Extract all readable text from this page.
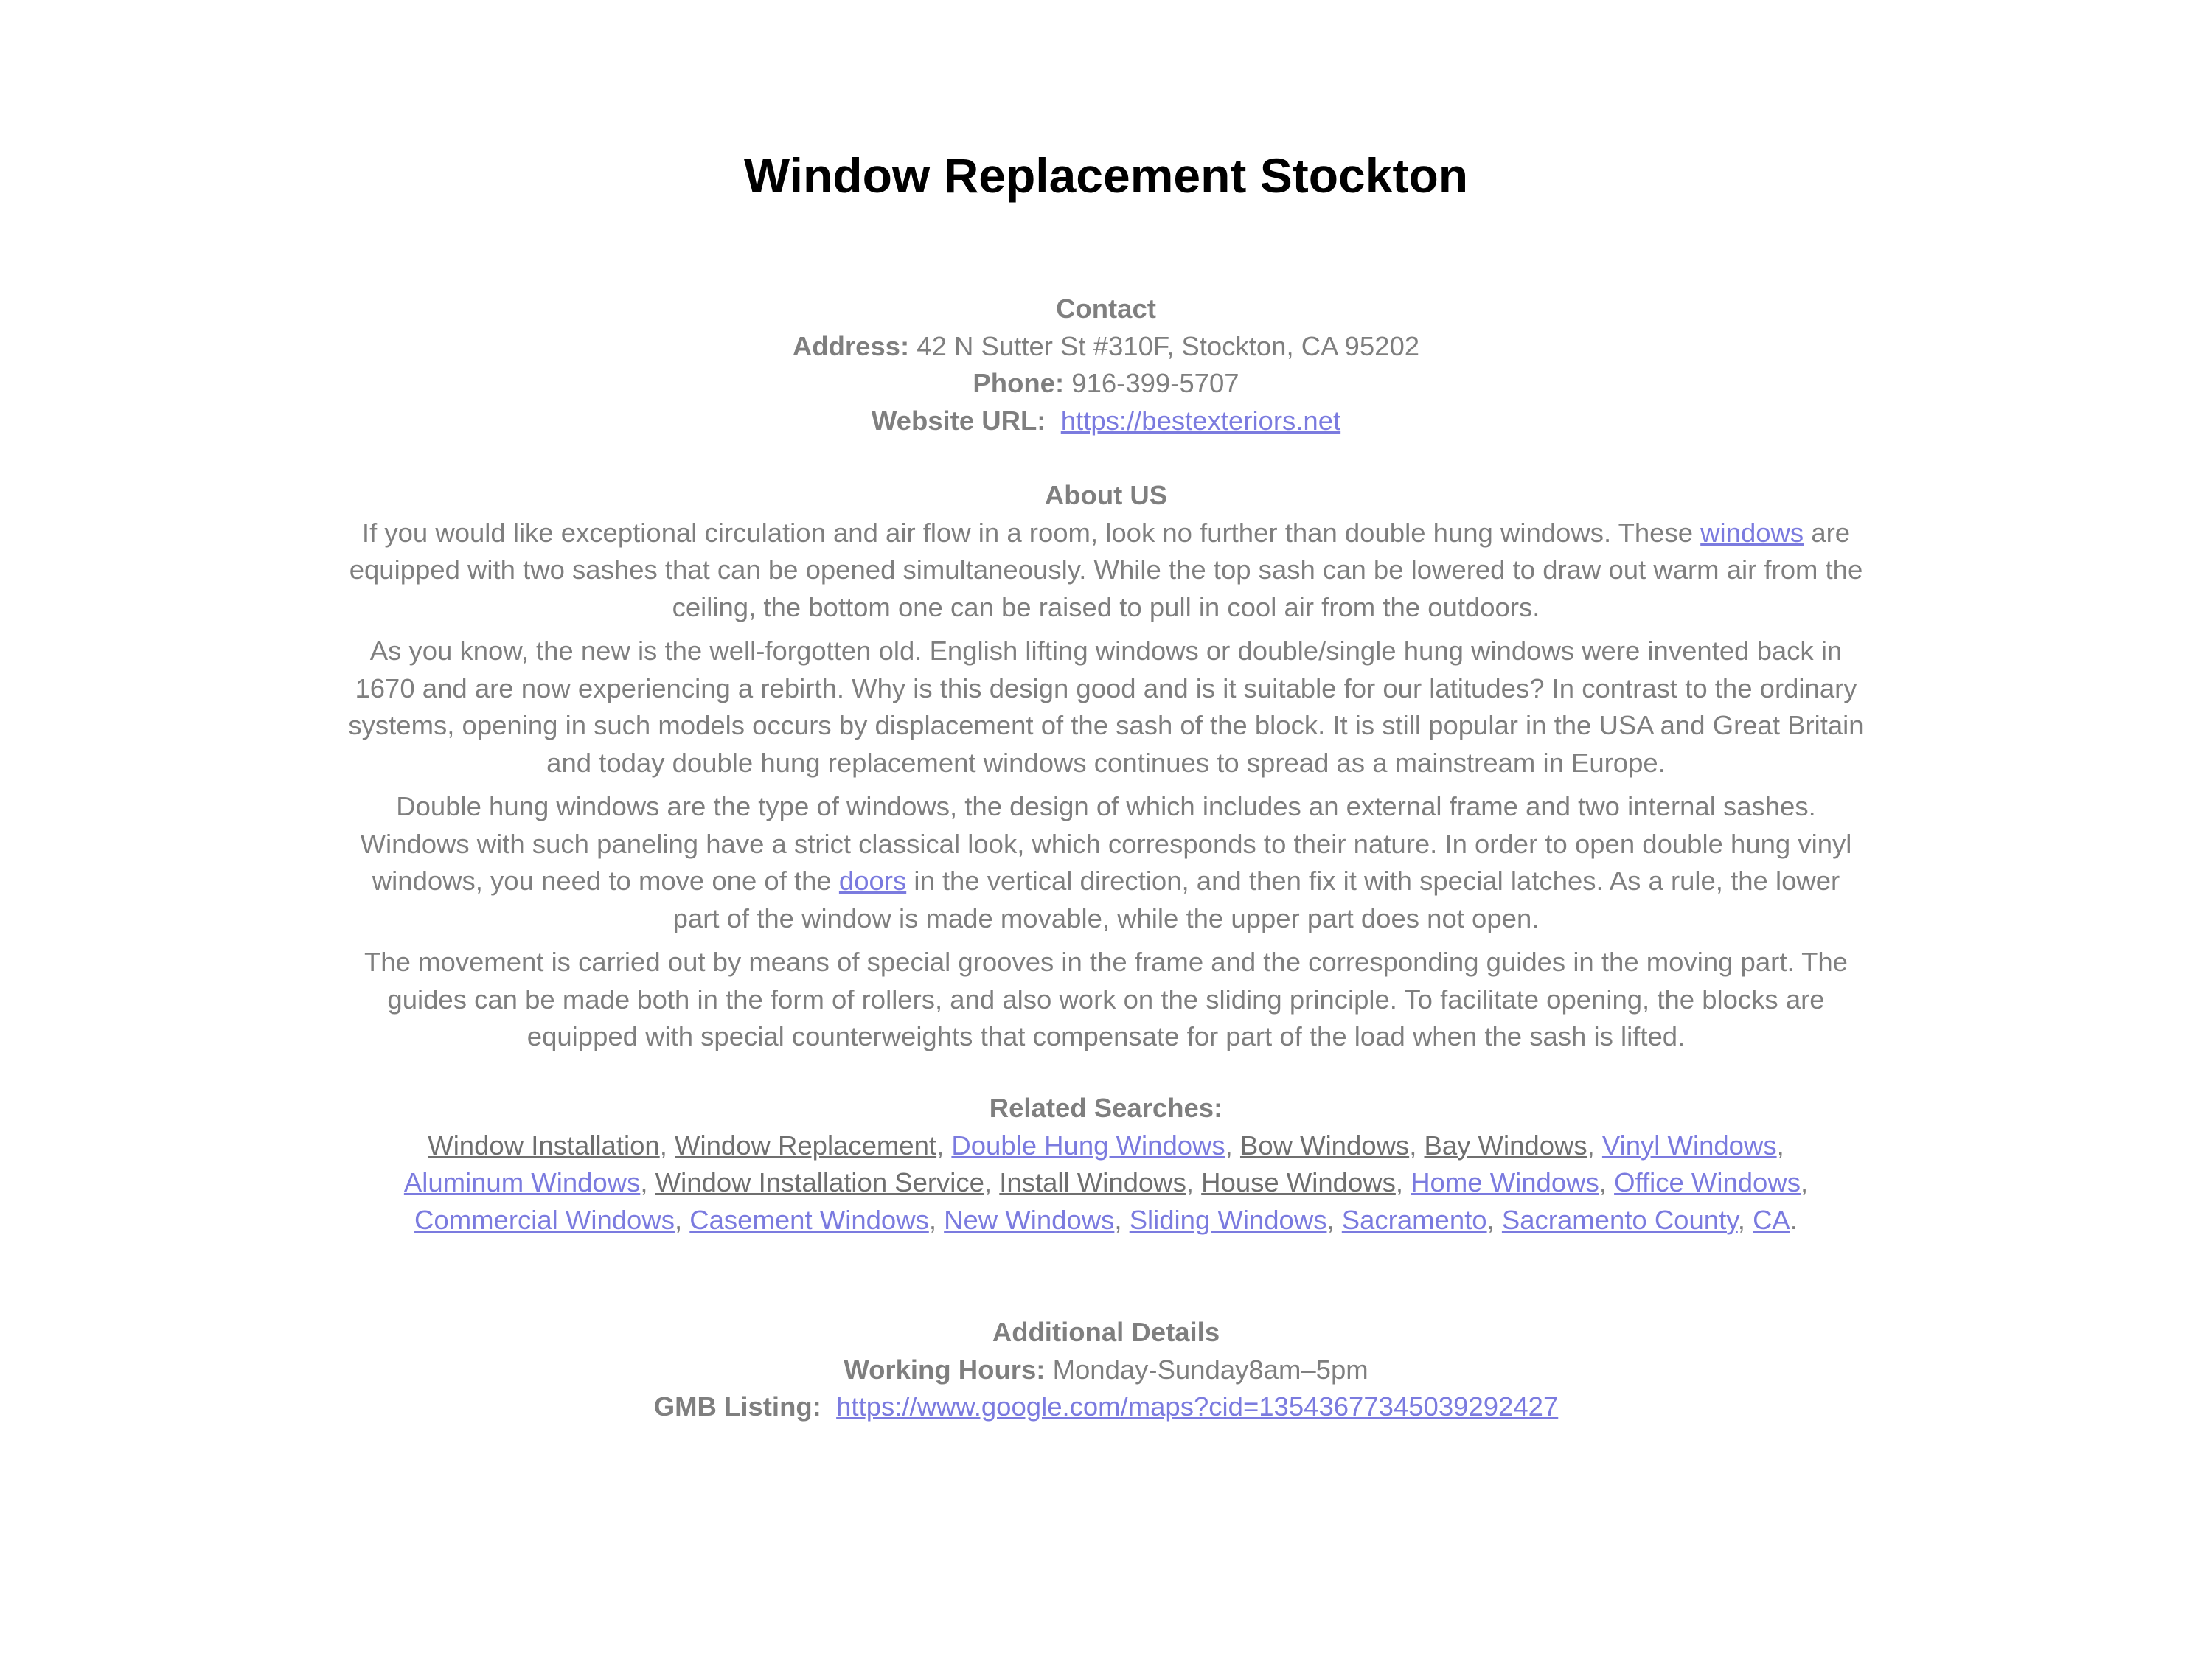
Window Replacement Stockton

Contact

Address: 42 N Sutter St #310F, Stockton, CA 95202

Phone: 916-399-5707

Website URL: https://bestexteriors.net

About US

If you would like exceptional circulation and air flow in a room, look no further than double hung windows. These windows are equipped with two sashes that can be opened simultaneously. While the top sash can be lowered to draw out warm air from the ceiling, the bottom one can be raised to pull in cool air from the outdoors.

As you know, the new is the well-forgotten old. English lifting windows or double/single hung windows were invented back in 1670 and are now experiencing a rebirth. Why is this design good and is it suitable for our latitudes? In contrast to the ordinary systems, opening in such models occurs by displacement of the sash of the block. It is still popular in the USA and Great Britain and today double hung replacement windows continues to spread as a mainstream in Europe.

Double hung windows are the type of windows, the design of which includes an external frame and two internal sashes. Windows with such paneling have a strict classical look, which corresponds to their nature. In order to open double hung vinyl windows, you need to move one of the doors in the vertical direction, and then fix it with special latches. As a rule, the lower part of the window is made movable, while the upper part does not open.

The movement is carried out by means of special grooves in the frame and the corresponding guides in the moving part. The guides can be made both in the form of rollers, and also work on the sliding principle. To facilitate opening, the blocks are equipped with special counterweights that compensate for part of the load when the sash is lifted.

Related Searches:

Window Installation, Window Replacement, Double Hung Windows, Bow Windows, Bay Windows, Vinyl Windows, Aluminum Windows, Window Installation Service, Install Windows, House Windows, Home Windows, Office Windows, Commercial Windows, Casement Windows, New Windows, Sliding Windows, Sacramento, Sacramento County, CA.

Additional Details

Working Hours: Monday-Sunday8am–5pm

GMB Listing: https://www.google.com/maps?cid=13543677345039292427
